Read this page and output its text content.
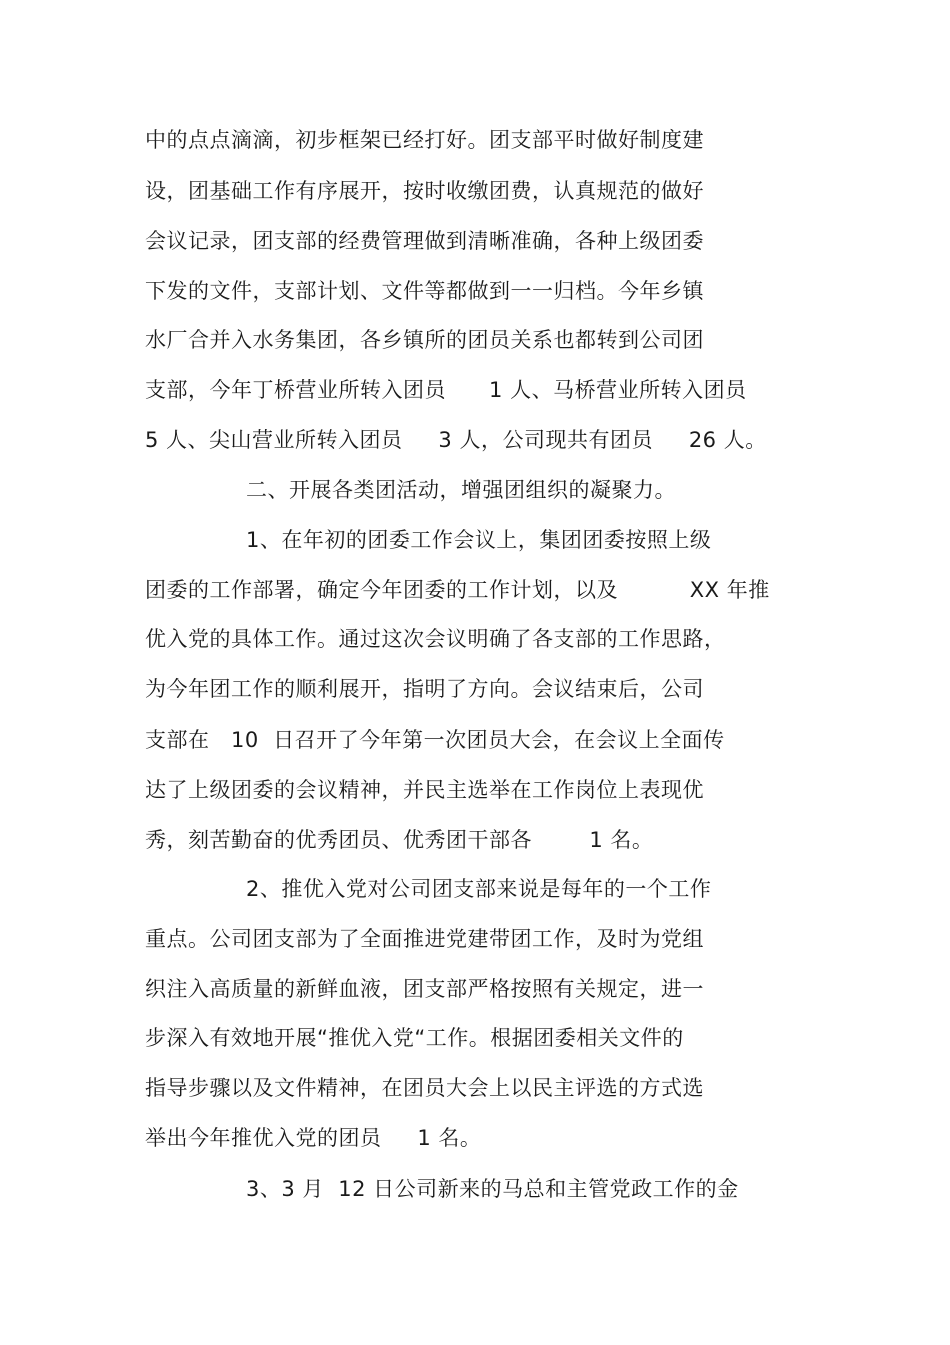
中的点点滴滴，初步框架已经打好。团支部平时做好制度建
设，团基础工作有序展开，按时收缴团费，认真规范的做好
会议记录，团支部的经费管理做到清晰准确，各种上级团委
下发的文件，支部计划、文件等都做到一一归档。今年乡镇
水厂合并入水务集团，各乡镇所的团员关系也都转到公司团
支部，今年丁桥营业所转入团员      1 人、马桥营业所转入团员
5 人、尖山营业所转入团员     3 人，公司现共有团员     26 人。
二、开展各类团活动，增强团组织的凝聚力。
1、在年初的团委工作会议上，集团团委按照上级
团委的工作部署，确定今年团委的工作计划，以及          XX 年推
优入党的具体工作。通过这次会议明确了各支部的工作思路，
为今年团工作的顺利展开，指明了方向。会议结束后，公司
支部在   10  日召开了今年第一次团员大会，在会议上全面传
达了上级团委的会议精神，并民主选举在工作岗位上表现优
秀，刻苦勤奋的优秀团员、优秀团干部各        1 名。
2、推优入党对公司团支部来说是每年的一个工作
重点。公司团支部为了全面推进党建带团工作，及时为党组
织注入高质量的新鲜血液，团支部严格按照有关规定，进一
步深入有效地开展“推优入党“工作。根据团委相关文件的
指导步骤以及文件精神，在团员大会上以民主评选的方式选
举出今年推优入党的团员     1 名。
3、3 月  12 日公司新来的马总和主管党政工作的金
